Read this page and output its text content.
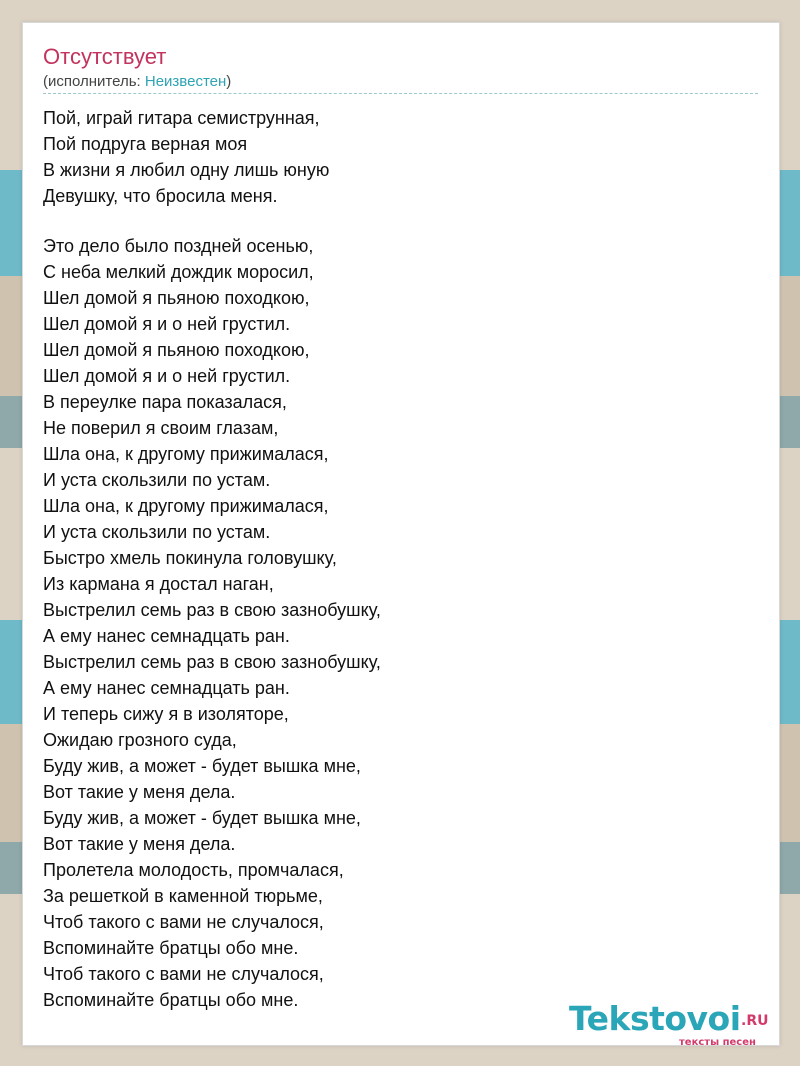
Отсутствует
(исполнитель: Неизвестен)
Пой, играй гитара семиструнная,
Пой подруга верная моя
В жизни я любил одну лишь юную
Девушку, что бросила меня.
Это дело было поздней осенью,
С неба мелкий дождик моросил,
Шел домой я пьяною походкою,
Шел домой я и о ней грустил.
Шел домой я пьяною походкою,
Шел домой я и о ней грустил.
В переулке пара показалася,
Не поверил я своим глазам,
Шла она, к другому прижималася,
И уста скользили по устам.
Шла она, к другому прижималася,
И уста скользили по устам.
Быстро хмель покинула головушку,
Из кармана я достал наган,
Выстрелил семь раз в свою зазнобушку,
А ему нанес семнадцать ран.
Выстрелил семь раз в свою зазнобушку,
А ему нанес семнадцать ран.
И теперь сижу я в изоляторе,
Ожидаю грозного суда,
Буду жив, а может - будет вышка мне,
Вот такие у меня дела.
Буду жив, а может - будет вышка мне,
Вот такие у меня дела.
Пролетела молодость, промчалася,
За решеткой в каменной тюрьме,
Чтоб такого с вами не случалося,
Вспоминайте братцы обо мне.
Чтоб такого с вами не случалося,
Вспоминайте братцы обо мне.	Tekstovoi .RU
тексты песен
